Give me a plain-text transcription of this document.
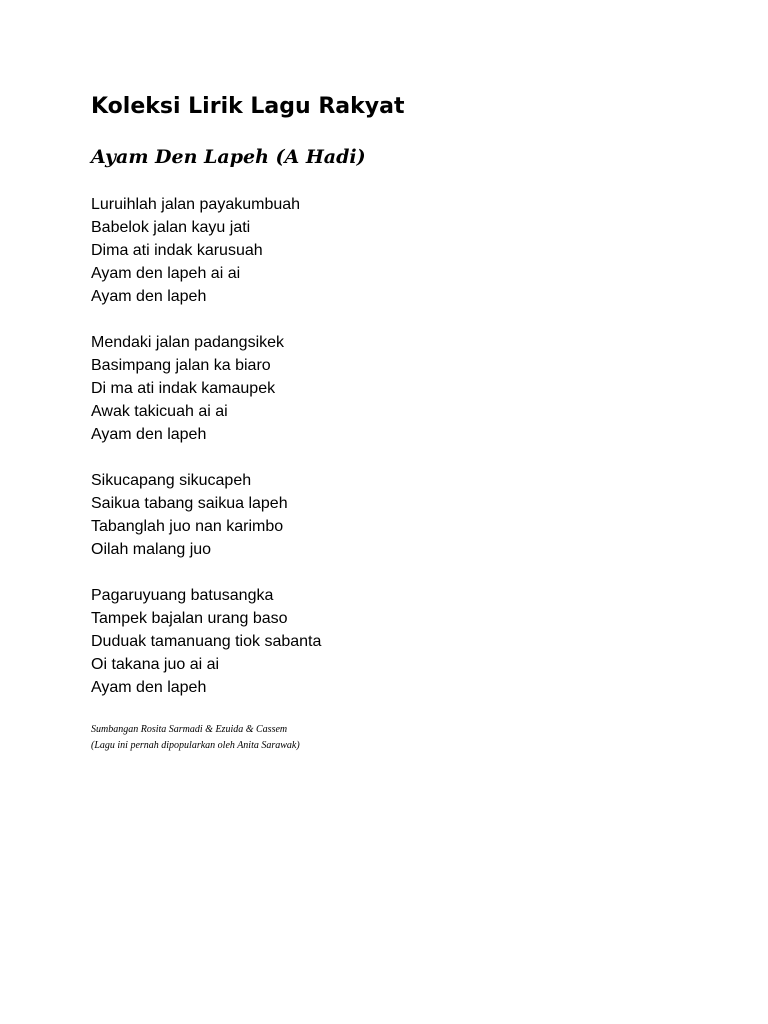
Koleksi Lirik Lagu Rakyat
Ayam Den Lapeh (A Hadi)
Luruihlah jalan payakumbuah
Babelok jalan kayu jati
Dima ati indak karusuah
Ayam den lapeh ai ai
Ayam den lapeh
Mendaki jalan padangsikek
Basimpang jalan ka biaro
Di ma ati indak kamaupek
Awak takicuah ai ai
Ayam den lapeh
Sikucapang sikucapeh
Saikua tabang saikua lapeh
Tabanglah juo nan karimbo
Oilah malang juo
Pagaruyuang batusangka
Tampek bajalan urang baso
Duduak tamanuang tiok sabanta
Oi takana juo ai ai
Ayam den lapeh
Sumbangan Rosita Sarmadi & Ezuida & Cassem
(Lagu ini pernah dipopularkan oleh Anita Sarawak)
